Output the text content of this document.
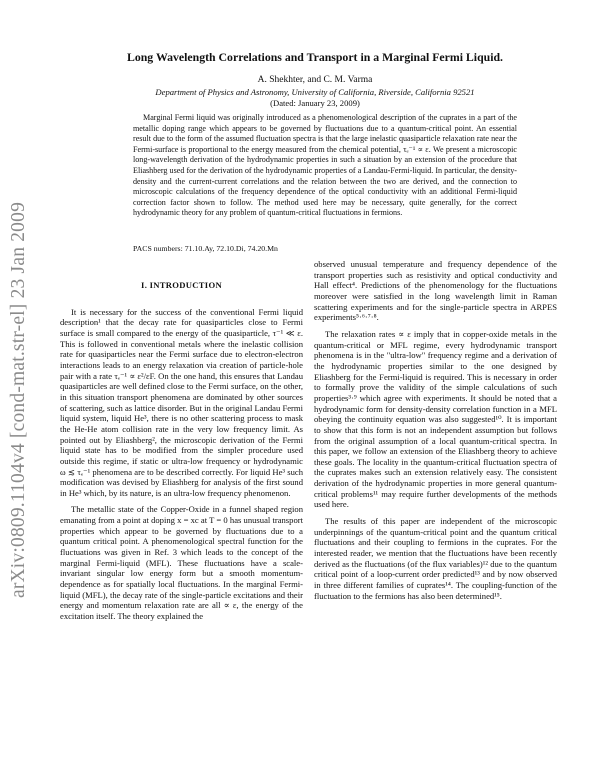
arXiv:0809.1104v4 [cond-mat.str-el] 23 Jan 2009
Long Wavelength Correlations and Transport in a Marginal Fermi Liquid.
A. Shekhter, and C. M. Varma
Department of Physics and Astronomy, University of California, Riverside, California 92521
(Dated: January 23, 2009)

Marginal Fermi liquid was originally introduced as a phenomenological description of the cuprates in a part of the metallic doping range which appears to be governed by fluctuations due to a quantum-critical point. An essential result due to the form of the assumed fluctuation spectra is that the large inelastic quasiparticle relaxation rate near the Fermi-surface is proportional to the energy measured from the chemical potential, τₑ⁻¹ ∝ ε. We present a microscopic long-wavelength derivation of the hydrodynamic properties in such a situation by an extension of the procedure that Eliashberg used for the derivation of the hydrodynamic properties of a Landau-Fermi-liquid. In particular, the density-density and the current-current correlations and the relation between the two are derived, and the connection to microscopic calculations of the frequency dependence of the optical conductivity with an additional Fermi-liquid correction factor shown to follow. The method used here may be necessary, quite generally, for the correct hydrodynamic theory for any problem of quantum-critical fluctuations in fermions.

PACS numbers: 71.10.Ay, 72.10.Di, 74.20.Mn
I. INTRODUCTION

It is necessary for the success of the conventional Fermi liquid description¹ that the decay rate for quasiparticles close to Fermi surface is small compared to the energy of the quasiparticle, τ⁻¹ ≪ ε. This is followed in conventional metals where the inelastic collision rate for quasiparticles near the Fermi surface due to electron-electron interactions leads to an energy relaxation via creation of particle-hole pair with a rate τₑ⁻¹ ∝ ε²/εF. On the one hand, this ensures that Landau quasiparticles are well defined close to the Fermi surface, on the other, in this situation transport phenomena are dominated by other sources of scattering, such as lattice disorder. But in the original Landau Fermi liquid system, liquid He³, there is no other scattering process to mask the He-He atom collision rate in the very low frequency limit. As pointed out by Eliashberg², the microscopic derivation of the Fermi liquid state has to be modified from the simpler procedure used outside this regime, if static or ultra-low frequency or hydrodynamic ω ≲ τₑ⁻¹ phenomena are to be described correctly. For liquid He³ such modification was devised by Eliashberg for analysis of the first sound in He³ which, by its nature, is an ultra-low frequency phenomenon.

The metallic state of the Copper-Oxide in a funnel shaped region emanating from a point at doping x = xc at T = 0 has unusual transport properties which appear to be governed by fluctuations due to a quantum critical point. A phenomenological spectral function for the fluctuations was given in Ref. 3 which leads to the concept of the marginal Fermi-liquid (MFL). These fluctuations have a scale-invariant singular low energy form but a smooth momentum-dependence as for spatially local fluctuations. In the marginal Fermi-liquid (MFL), the decay rate of the single-particle excitations and their energy and momentum relaxation rate are all ∝ ε, the energy of the excitation itself. The theory explained the

observed unusual temperature and frequency dependence of the transport properties such as resistivity and optical conductivity and Hall effect⁴. Predictions of the phenomenology for the fluctuations moreover were satisfied in the long wavelength limit in Raman scattering experiments and for the single-particle spectra in ARPES experiments⁵·⁶·⁷·⁸.

The relaxation rates ∝ ε imply that in copper-oxide metals in the quantum-critical or MFL regime, every hydrodynamic transport phenomena is in the "ultra-low" frequency regime and a derivation of the hydrodynamic properties similar to the one designed by Eliashberg for the Fermi-liquid is required. This is necessary in order to formally prove the validity of the simple calculations of such properties³·⁹ which agree with experiments. It should be noted that a hydrodynamic form for density-density correlation function in a MFL obeying the continuity equation was also suggested¹⁰. It is important to show that this form is not an independent assumption but follows from the original assumption of a local quantum-critical spectra. In this paper, we follow an extension of the Eliashberg theory to achieve these goals. The locality in the quantum-critical fluctuation spectra of the cuprates makes such an extension relatively easy. The consistent derivation of the hydrodynamic properties in more general quantum-critical problems¹¹ may require further developments of the methods used here.

The results of this paper are independent of the microscopic underpinnings of the quantum-critical point and the quantum critical fluctuations and their coupling to fermions in the cuprates. For the interested reader, we mention that the fluctuations have been recently derived as the fluctuations (of the flux variables)¹² due to the quantum critical point of a loop-current order predicted¹³ and by now observed in three different families of cuprates¹⁴. The coupling-function of the fluctuation to the fermions has also been determined¹⁵.
